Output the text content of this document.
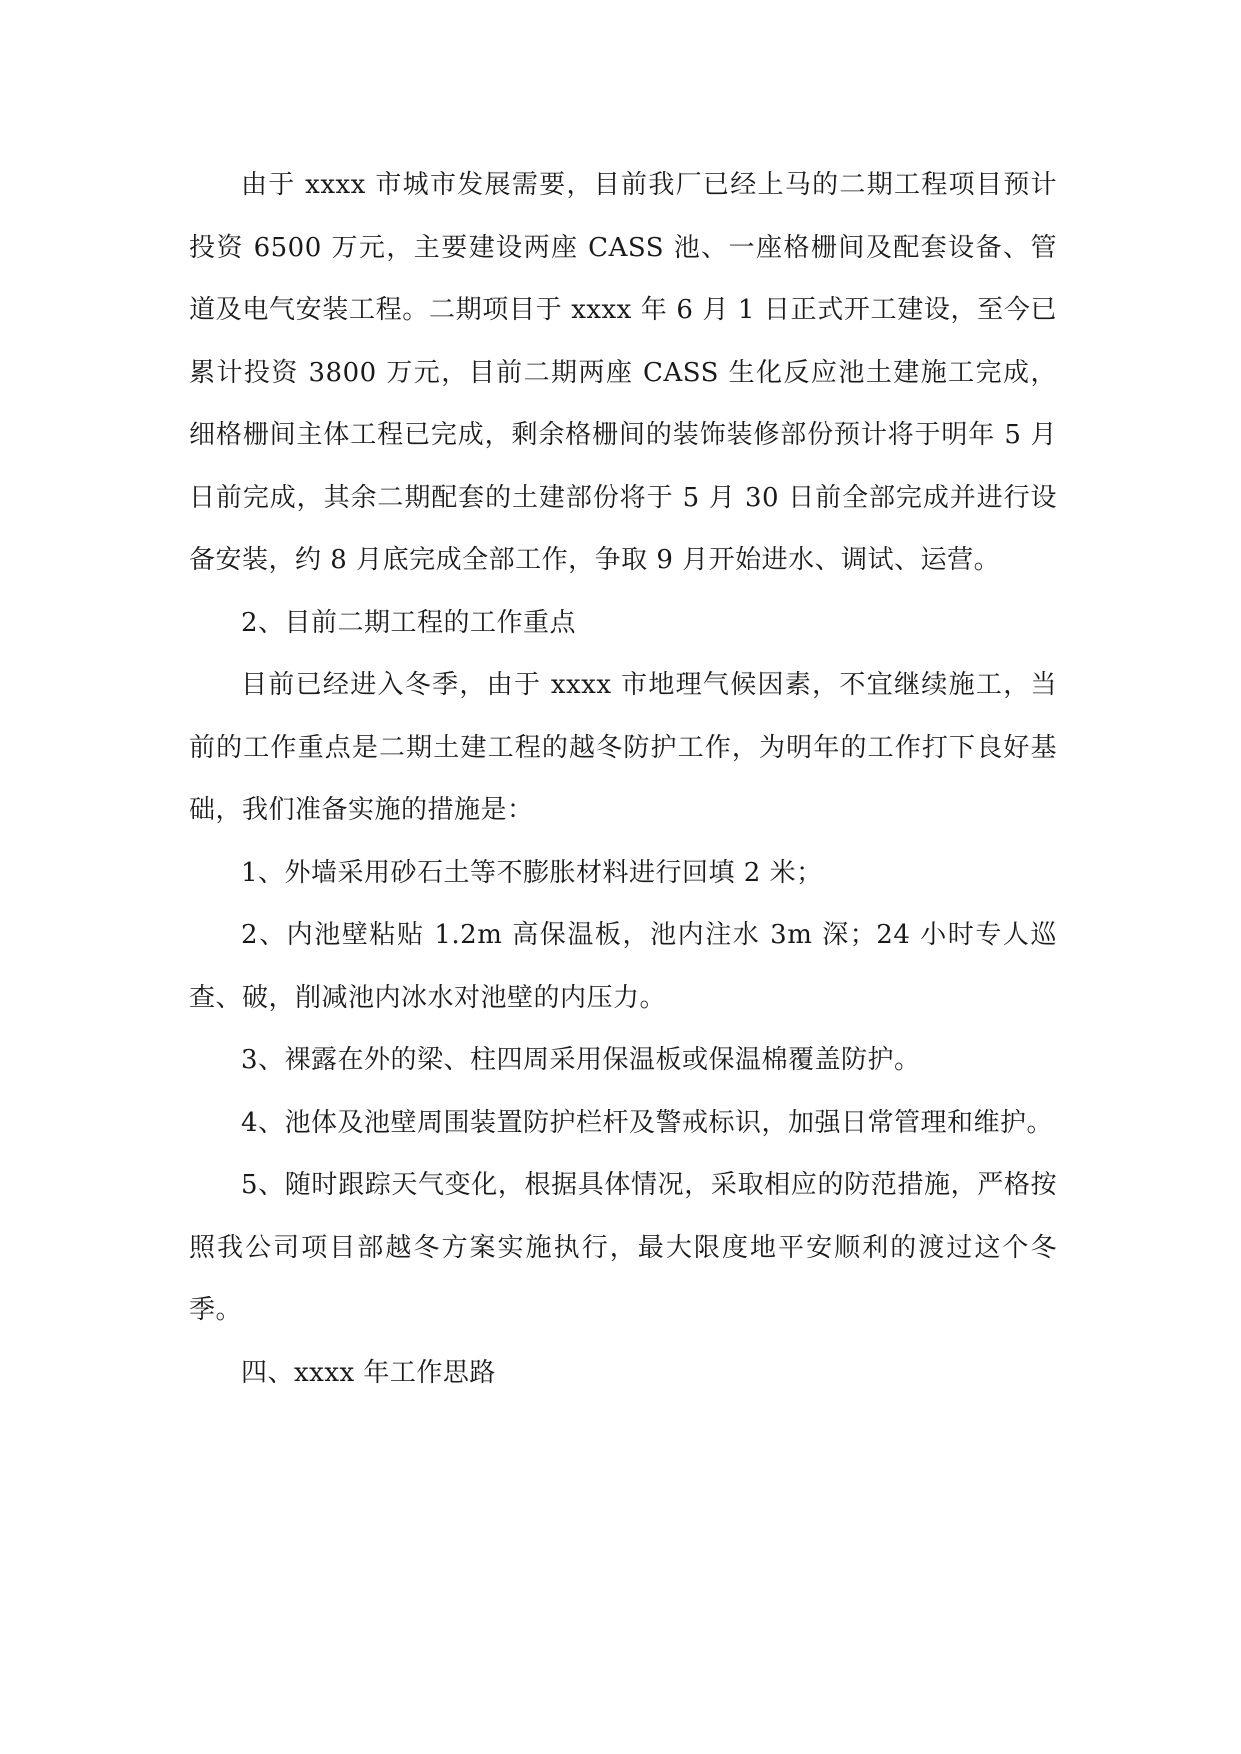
由于 xxxx 市城市发展需要，目前我厂已经上马的二期工程项目预计投资 6500 万元，主要建设两座 CASS 池、一座格栅间及配套设备、管道及电气安装工程。二期项目于 xxxx 年 6 月 1 日正式开工建设，至今已累计投资 3800 万元，目前二期两座 CASS 生化反应池土建施工完成，细格栅间主体工程已完成，剩余格栅间的装饰装修部份预计将于明年 5 月日前完成，其余二期配套的土建部份将于 5 月 30 日前全部完成并进行设备安装，约 8 月底完成全部工作，争取 9 月开始进水、调试、运营。

2、目前二期工程的工作重点

目前已经进入冬季，由于 xxxx 市地理气候因素，不宜继续施工，当前的工作重点是二期土建工程的越冬防护工作，为明年的工作打下良好基础，我们准备实施的措施是：

1、外墙采用砂石土等不膨胀材料进行回填 2 米；

2、内池壁粘贴 1.2m 高保温板，池内注水 3m 深；24 小时专人巡查、破，削减池内冰水对池壁的内压力。

3、裸露在外的梁、柱四周采用保温板或保温棉覆盖防护。

4、池体及池壁周围装置防护栏杆及警戒标识，加强日常管理和维护。

5、随时跟踪天气变化，根据具体情况，采取相应的防范措施，严格按照我公司项目部越冬方案实施执行，最大限度地平安顺利的渡过这个冬季。

四、xxxx 年工作思路
